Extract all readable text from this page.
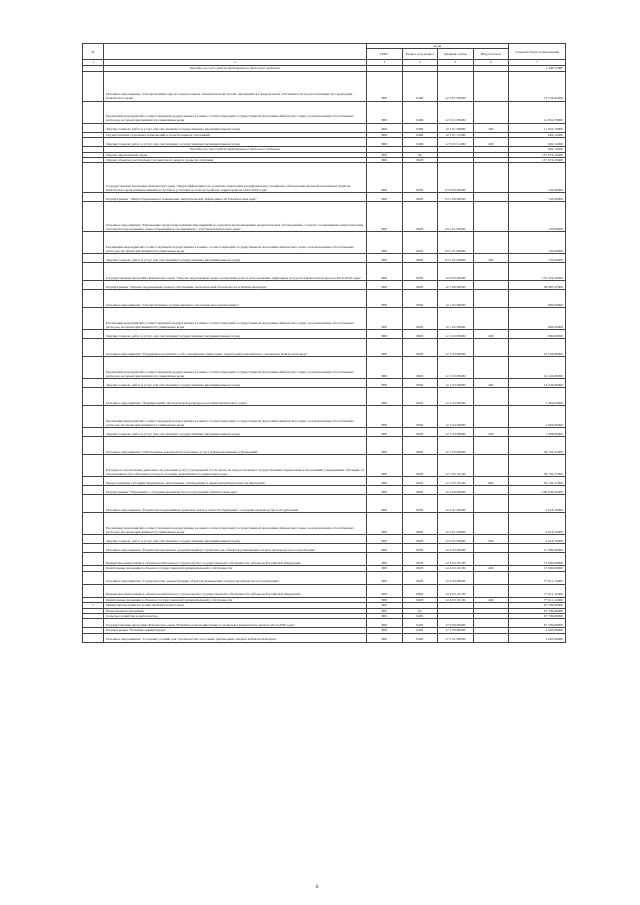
№		коды				Годовой объем ассигнований
		ГРБС	Раздел, под-раздел	Целевая статья	Вид расходов	
1	2	3	4	5	6	7
	Расходы за счет средств федерального бюджета отдельно					1 449,31800
	Основное мероприятие "Осуществление мер по охране водных объектов или их частей, находящихся в федеральной собственности и расположенных на территории Камчатского края"	808	0406	12 3 01 00000		12 554,82200
	Реализация мероприятий соответствующей подпрограммы в рамках соответствующей государственной программы Камчатского края, за исключением обособленных расходов, которым присваиваются уникальные коды	808	0406	12 3 01 09990		11 952,70000
	Закупка товаров, работ и услуг для обеспечения государственных (муниципальных) нужд	808	0406	12 3 01 09990	200	11 952,70000
	Осуществление отдельных полномочий в области водных отношений	808	0406	12 3 01 51280		602,12200
	Закупка товаров, работ и услуг для обеспечения государственных (муниципальных) нужд	808	0406	12 3 01 51280	200	602,12200
	Расходы за счет средств федерального бюджета отдельно					602,12200
	Охрана окружающей среды	808	06			157 674,50400
	Охрана объектов растительного и животного мира и среды их обитания	808	0603			157 674,50400
	Государственная программа Камчатского края "Энергоэффективность, развитие энергетики и коммунального хозяйства, обеспечение жителей населенных пунктов Камчатского края коммунальными услугами и услугами по благоустройству территорий на 2014-2018 годы"	808	0603	03 0 00 00000		150,00000
	Подпрограмма "Энергосбережение и повышение энергетической эффективности в Камчатском крае"	808	0603	03 1 00 00000		150,00000
	Основное мероприятие "Проведение энергосберегающих мероприятий по результатам проведенных энергетических обследований, согласно составленным энергетическим паспортам и программам энергосбережения в организациях с участием Камчатского края"	808	0603	03 1 01 00000		150,00000
	Реализация мероприятий соответствующей подпрограммы в рамках соответствующей государственной программы Камчатского края, за исключением обособленных расходов, которым присваиваются уникальные коды	808	0603	03 1 01 09990		150,00000
	Закупка товаров, работ и услуг для обеспечения государственных (муниципальных) нужд	808	0603	03 1 01 09990	200	150,00000
	Государственная программа Камчатского края "Охрана окружающей среды, воспроизводство и использование природных ресурсов в Камчатском крае на 2016-2020 годы"	808	0603	12 0 00 00000		157 524,50400
	Подпрограмма "Охрана окружающей среды и обеспечение экологической безопасности в Камчатском крае"	808	0603	12 1 00 00000		38 895,37000
	Основное мероприятие "Осуществление государственного экологического мониторинга"	808	0603	12 1 02 00000		800,00000
	Реализация мероприятий соответствующей подпрограммы в рамках соответствующей государственной программы Камчатского края, за исключением обособленных расходов, которым присваиваются уникальные коды	808	0603	12 1 02 09990		800,00000
	Закупка товаров, работ и услуг для обеспечения государственных (муниципальных) нужд	808	0603	12 1 02 09990	200	800,00000
	Основное мероприятие "Поддержка и развитие особо охраняемых природных территорий регионального значения в Камчатском крае"	808	0603	12 1 03 00000		14 526,80000
	Реализация мероприятий соответствующей подпрограммы в рамках соответствующей государственной программы Камчатского края, за исключением обособленных расходов, которым присваиваются уникальные коды	808	0603	12 1 03 09990		14 526,80000
	Закупка товаров, работ и услуг для обеспечения государственных (муниципальных) нужд	808	0603	12 1 03 09990	200	14 526,80000
	Основное мероприятие "Формирование экологической культуры населения Камчатского края"	808	0603	12 1 04 00000		1 826,00000
	Реализация мероприятий соответствующей подпрограммы в рамках соответствующей государственной программы Камчатского края, за исключением обособленных расходов, которым присваиваются уникальные коды	808	0603	12 1 04 09990		1 826,00000
	Закупка товаров, работ и услуг для обеспечения государственных (муниципальных) нужд	808	0603	12 1 04 09990	200	1 826,00000
	Основное мероприятие "Обеспечение деятельности (оказание услуг) подведомственных учреждений"	808	0603	12 1 05 00000		39 742,47000
	Расходы на обеспечение деятельности (оказание услуг) учреждений, в том числе на предоставление государственным бюджетным и автономным учреждениям субсидий, за исключением обособленных расходов, которым присваиваются уникальные коды	808	0603	12 1 05 10140		39 742,47000
	Предоставление субсидий бюджетным, автономным учреждениям и иным некоммерческим организациям	808	0603	12 1 05 10140	600	39 742,47000
	Подпрограмма "Обращение с отходами производства и потребления в Камчатском крае"	808	0603	12 4 00 00000		100 629,32400
	Основное мероприятие "Разработка нормативных правовых актов в области обращения с отходами производства и потребления"	808	0603	12 4 01 00000		4 018,10000
	Реализация мероприятий соответствующей подпрограммы в рамках соответствующей государственной программы Камчатского края, за исключением обособленных расходов, которым присваиваются уникальные коды	808	0603	12 4 01 09990		4 018,10000
	Закупка товаров, работ и услуг для обеспечения государственных (муниципальных) нужд	808	0603	12 4 01 09990	200	4 018,10000
	Основное мероприятие "Разработка проектных документаций на строительство объектов размещения отходов производства и потребления"	808	0603	12 4 02 00000		17 000,00000
	Бюджетные инвестиции в объекты капитального строительства государственной собственности субъектов Российской Федерации	808	0603	12 4 02 10130		17 000,00000
	Капитальные вложения в объекты государственной (муниципальной) собственности	808	0603	12 4 02 10130	400	17 000,00000
	Основное мероприятие "Строительство, реконструкция объектов размещения отходов производства и потребления"	808	0603	12 4 03 00000		77 611,12400
	Бюджетные инвестиции в объекты капитального строительства государственной собственности субъектов Российской Федерации	808	0603	12 4 03 10130		77 611,12400
	Капитальные вложения в объекты государственной (муниципальной) собственности	808	0603	12 4 03 10130	400	77 611,12400
7	Министерство рыбного хозяйства Камчатского края	809				67 709,80000
	Национальная экономика	809	04			67 709,80000
	Сельское хозяйство и рыболовство	809	0405			67 709,80000
	Государственная программа Камчатского края "Развитие рыбохозяйственного комплекса Камчатского края на 2014-2020 годы"	809	0405	17 0 00 00000		67 709,80000
	Подпрограмма "Развитие аквакультуры"	809	0405	17 1 00 00000		4 093,00000
	Основное мероприятие "Создание условий для строительства лососевых рыбоводных заводов в Камчатском крае"	809	0405	17 1 01 00000		4 093,00000
8
